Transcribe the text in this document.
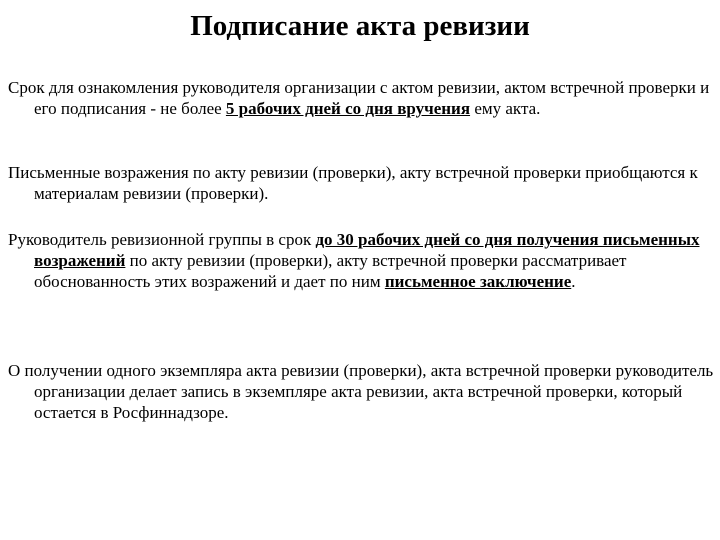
Подписание акта ревизии

Срок для ознакомления руководителя организации с актом ревизии, актом встречной проверки и его подписания - не более 5 рабочих дней со дня вручения ему акта.

Письменные возражения по акту ревизии (проверки), акту встречной проверки приобщаются к материалам ревизии (проверки).

Руководитель ревизионной группы в срок до 30 рабочих дней со дня получения письменных возражений по акту ревизии (проверки), акту встречной проверки рассматривает обоснованность этих возражений и дает по ним письменное заключение.

О получении одного экземпляра акта ревизии (проверки), акта встречной проверки руководитель организации делает запись в экземпляре акта ревизии, акта встречной проверки, который остается в Росфиннадзоре.
